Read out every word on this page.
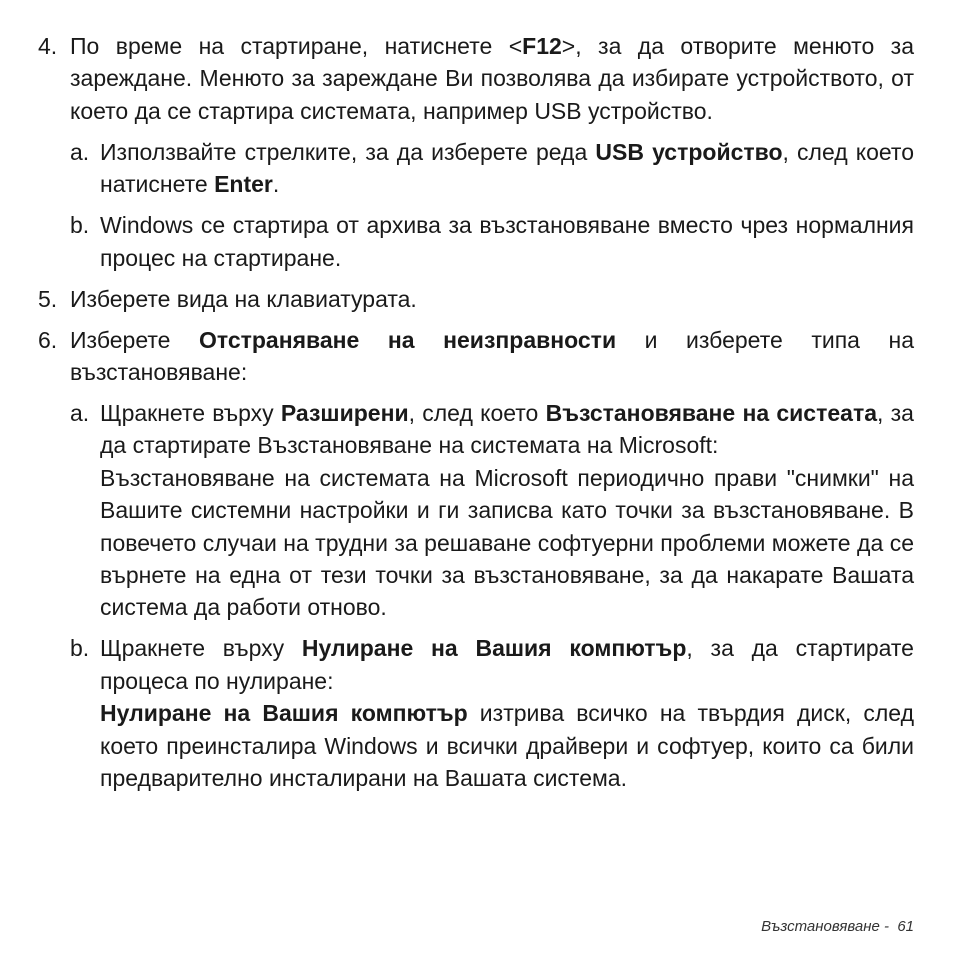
4. По време на стартиране, натиснете <F12>, за да отворите менюто за зареждане. Менюто за зареждане Ви позволява да избирате устройството, от което да се стартира системата, например USB устройство.
a. Използвайте стрелките, за да изберете реда USB устройство, след което натиснете Enter.
b. Windows се стартира от архива за възстановяване вместо чрез нормалния процес на стартиране.
5. Изберете вида на клавиатурата.
6. Изберете Отстраняване на неизправности и изберете типа на възстановяване:
a. Щракнете върху Разширени, след което Възстановяване на систеата, за да стартирате Възстановяване на системата на Microsoft:
Възстановяване на системата на Microsoft периодично прави "снимки" на Вашите системни настройки и ги записва като точки за възстановяване. В повечето случаи на трудни за решаване софтуерни проблеми можете да се върнете на една от тези точки за възстановяване, за да накарате Вашата система да работи отново.
b. Щракнете върху Нулиране на Вашия компютър, за да стартирате процеса по нулиране:
Нулиране на Вашия компютър изтрива всичко на твърдия диск, след което преинсталира Windows и всички драйвери и софтуер, които са били предварително инсталирани на Вашата система.
Възстановяване - 61
